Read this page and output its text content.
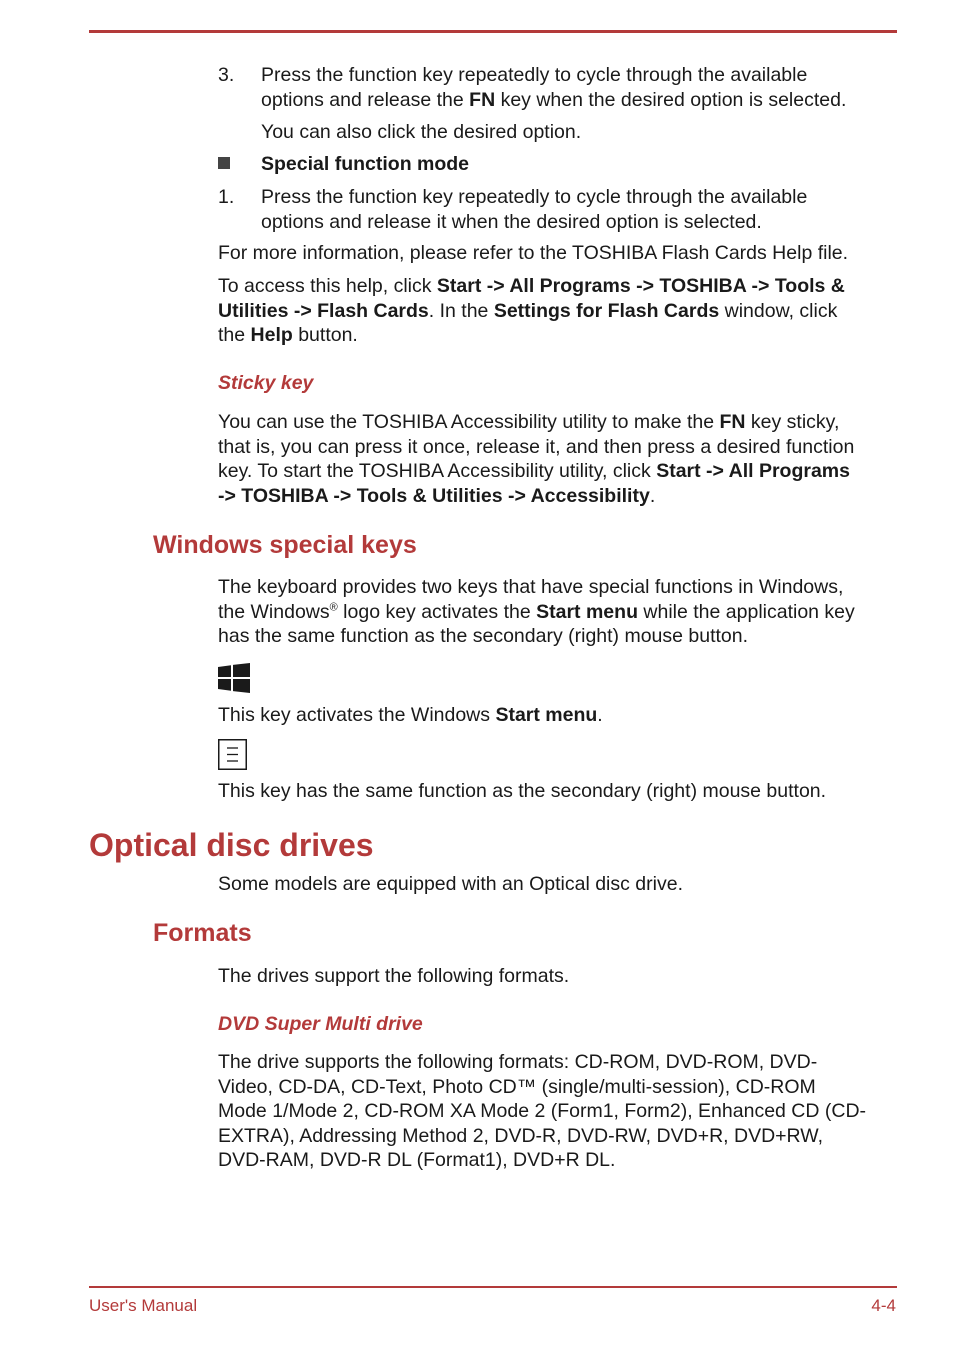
3. Press the function key repeatedly to cycle through the available
options and release the FN key when the desired option is selected.
You can also click the desired option.
Special function mode
1. Press the function key repeatedly to cycle through the available
options and release it when the desired option is selected.
For more information, please refer to the TOSHIBA Flash Cards Help file.
To access this help, click Start -> All Programs -> TOSHIBA -> Tools &
Utilities -> Flash Cards. In the Settings for Flash Cards window, click
the Help button.
Sticky key
You can use the TOSHIBA Accessibility utility to make the FN key sticky,
that is, you can press it once, release it, and then press a desired function
key. To start the TOSHIBA Accessibility utility, click Start -> All Programs
-> TOSHIBA -> Tools & Utilities -> Accessibility.
Windows special keys
The keyboard provides two keys that have special functions in Windows,
the Windows® logo key activates the Start menu while the application key
has the same function as the secondary (right) mouse button.
This key activates the Windows Start menu.
This key has the same function as the secondary (right) mouse button.
Optical disc drives
Some models are equipped with an Optical disc drive.
Formats
The drives support the following formats.
DVD Super Multi drive
The drive supports the following formats: CD-ROM, DVD-ROM, DVD-
Video, CD-DA, CD-Text, Photo CD™ (single/multi-session), CD-ROM
Mode 1/Mode 2, CD-ROM XA Mode 2 (Form1, Form2), Enhanced CD (CD-
EXTRA), Addressing Method 2, DVD-R, DVD-RW, DVD+R, DVD+RW,
DVD-RAM, DVD-R DL (Format1), DVD+R DL.
User's Manual	4-4
